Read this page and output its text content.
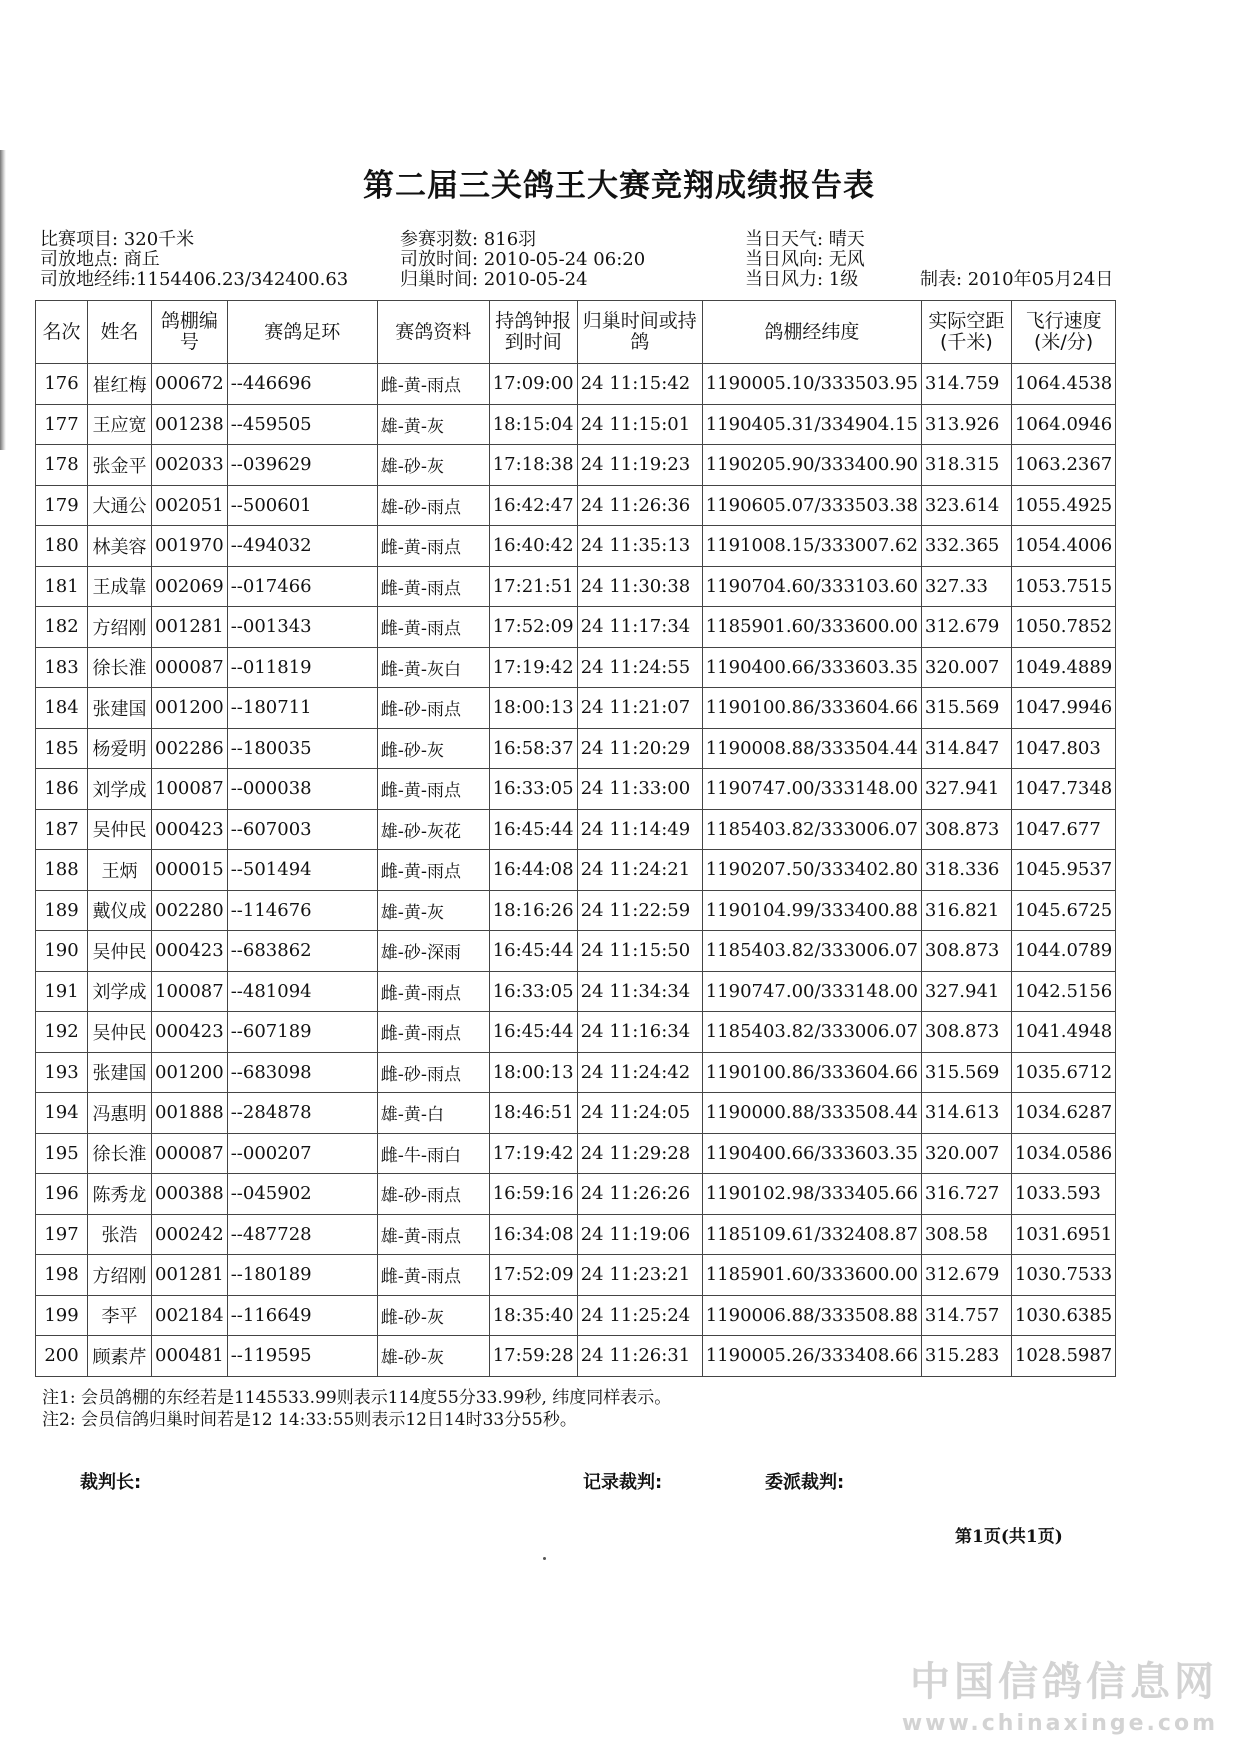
第二届三关鸽王大赛竞翔成绩报告表
比赛项目: 320千米
司放地点: 商丘
司放地经纬:1154406.23/342400.63
参赛羽数: 816羽
司放时间: 2010-05-24 06:20
归巢时间: 2010-05-24
当日天气: 晴天
当日风向: 无风
当日风力: 1级	制表: 2010年05月24日
名次	姓名	鸽棚编号	赛鸽足环	赛鸽资料	持鸽钟报到时间	归巢时间或持鸽	鸽棚经纬度	实际空距(千米)	飞行速度(米/分)
176	崔红梅	000672	--446696	雌-黄-雨点	17:09:00	24 11:15:42	1190005.10/333503.95	314.759	1064.4538
177	王应宽	001238	--459505	雄-黄-灰	18:15:04	24 11:15:01	1190405.31/334904.15	313.926	1064.0946
178	张金平	002033	--039629	雄-砂-灰	17:18:38	24 11:19:23	1190205.90/333400.90	318.315	1063.2367
179	大通公	002051	--500601	雄-砂-雨点	16:42:47	24 11:26:36	1190605.07/333503.38	323.614	1055.4925
180	林美容	001970	--494032	雌-黄-雨点	16:40:42	24 11:35:13	1191008.15/333007.62	332.365	1054.4006
181	王成靠	002069	--017466	雌-黄-雨点	17:21:51	24 11:30:38	1190704.60/333103.60	327.33	1053.7515
182	方绍刚	001281	--001343	雌-黄-雨点	17:52:09	24 11:17:34	1185901.60/333600.00	312.679	1050.7852
183	徐长淮	000087	--011819	雌-黄-灰白	17:19:42	24 11:24:55	1190400.66/333603.35	320.007	1049.4889
184	张建国	001200	--180711	雌-砂-雨点	18:00:13	24 11:21:07	1190100.86/333604.66	315.569	1047.9946
185	杨爱明	002286	--180035	雌-砂-灰	16:58:37	24 11:20:29	1190008.88/333504.44	314.847	1047.803
186	刘学成	100087	--000038	雌-黄-雨点	16:33:05	24 11:33:00	1190747.00/333148.00	327.941	1047.7348
187	吴仲民	000423	--607003	雄-砂-灰花	16:45:44	24 11:14:49	1185403.82/333006.07	308.873	1047.677
188	王炳	000015	--501494	雌-黄-雨点	16:44:08	24 11:24:21	1190207.50/333402.80	318.336	1045.9537
189	戴仪成	002280	--114676	雄-黄-灰	18:16:26	24 11:22:59	1190104.99/333400.88	316.821	1045.6725
190	吴仲民	000423	--683862	雄-砂-深雨	16:45:44	24 11:15:50	1185403.82/333006.07	308.873	1044.0789
191	刘学成	100087	--481094	雌-黄-雨点	16:33:05	24 11:34:34	1190747.00/333148.00	327.941	1042.5156
192	吴仲民	000423	--607189	雌-黄-雨点	16:45:44	24 11:16:34	1185403.82/333006.07	308.873	1041.4948
193	张建国	001200	--683098	雌-砂-雨点	18:00:13	24 11:24:42	1190100.86/333604.66	315.569	1035.6712
194	冯惠明	001888	--284878	雄-黄-白	18:46:51	24 11:24:05	1190000.88/333508.44	314.613	1034.6287
195	徐长淮	000087	--000207	雌-牛-雨白	17:19:42	24 11:29:28	1190400.66/333603.35	320.007	1034.0586
196	陈秀龙	000388	--045902	雄-砂-雨点	16:59:16	24 11:26:26	1190102.98/333405.66	316.727	1033.593
197	张浩	000242	--487728	雄-黄-雨点	16:34:08	24 11:19:06	1185109.61/332408.87	308.58	1031.6951
198	方绍刚	001281	--180189	雌-黄-雨点	17:52:09	24 11:23:21	1185901.60/333600.00	312.679	1030.7533
199	李平	002184	--116649	雌-砂-灰	18:35:40	24 11:25:24	1190006.88/333508.88	314.757	1030.6385
200	顾素芹	000481	--119595	雄-砂-灰	17:59:28	24 11:26:31	1190005.26/333408.66	315.283	1028.5987
注1: 会员鸽棚的东经若是1145533.99则表示114度55分33.99秒, 纬度同样表示。
注2: 会员信鸽归巢时间若是12 14:33:55则表示12日14时33分55秒。
裁判长:	记录裁判:	委派裁判:
第1页(共1页)
中国信鸽信息网
www.chinaxinge.com
